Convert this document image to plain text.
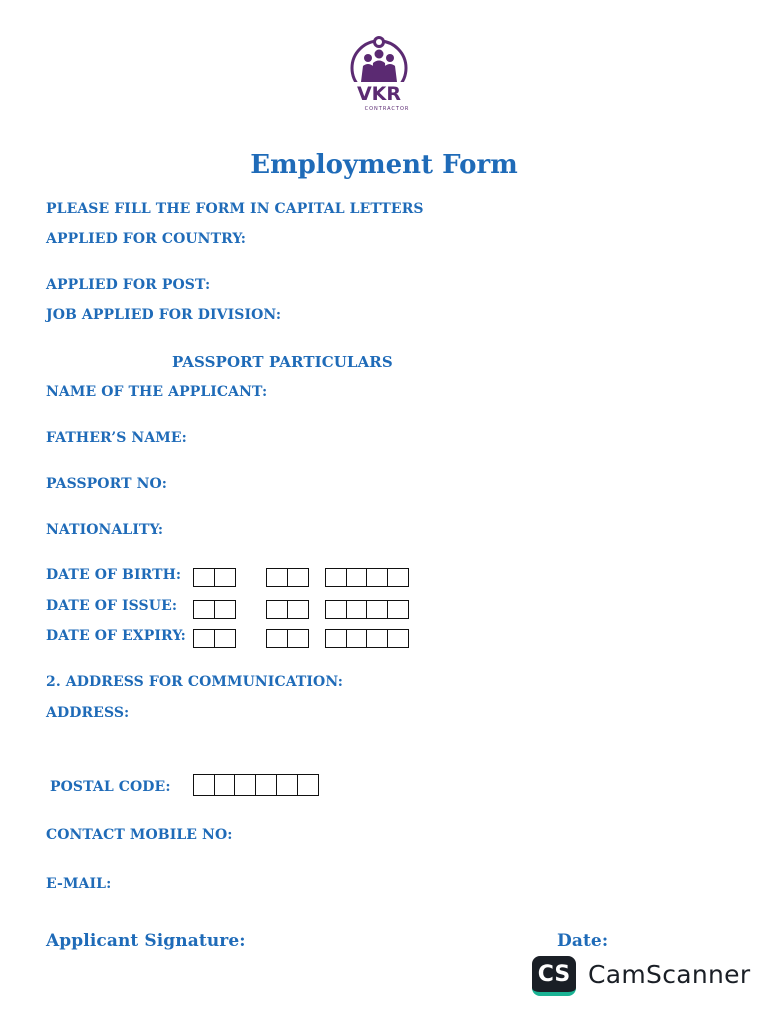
VKR
CONTRACTOR
Employment Form
PLEASE FILL THE FORM IN CAPITAL LETTERS
APPLIED FOR COUNTRY:
APPLIED FOR POST:
JOB APPLIED FOR DIVISION:
PASSPORT PARTICULARS
NAME OF THE APPLICANT:
FATHER’S NAME:
PASSPORT NO:
NATIONALITY:
DATE OF BIRTH:
DATE OF ISSUE:
DATE OF EXPIRY:
2. ADDRESS FOR COMMUNICATION:
ADDRESS:
POSTAL CODE:
CONTACT MOBILE NO:
E-MAIL:
Applicant Signature:	Date:
CS CamScanner
